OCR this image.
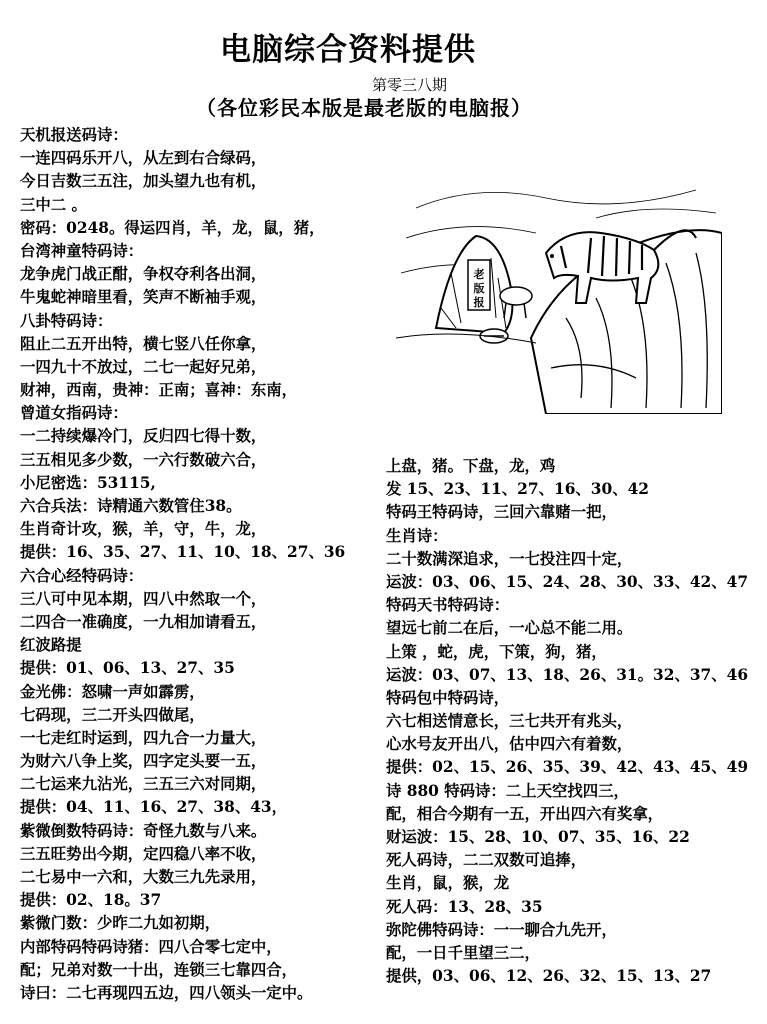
电脑综合资料提供
第零三八期
（各位彩民本版是最老版的电脑报）
老
版
报
天机报送码诗：
一连四码乐开八，从左到右合绿码，
今日吉数三五注，加头望九也有机，
三中二 。
密码：0248。得运四肖，羊，龙，鼠，猪，
台湾神童特码诗：
龙争虎门战正酣，争权夺利各出洞，
牛鬼蛇神暗里看，笑声不断袖手观，
八卦特码诗：
阻止二五开出特，横七竖八任你拿，
一四九十不放过，二七一起好兄弟，
财神，西南，贵神：正南；喜神：东南，
曾道女指码诗：
一二持续爆冷门，反归四七得十数，
三五相见多少数，一六行数破六合，
小尼密选：53115,
六合兵法：诗精通六数管住38。
生肖奇计攻，猴，羊，守，牛，龙，
提供：16、35、27、11、10、18、27、36
六合心经特码诗：
三八可中见本期，四八中然取一个，
二四合一准确度，一九相加请看五，
红波路提
提供：01、06、13、27、35
金光佛：怒啸一声如霹雳，
七码现，三二开头四做尾，
一七走红时运到，四九合一力量大，
为财六八争上奖，四字定头要一五，
二七运来九沾光，三五三六对同期，
提供：04、11、16、27、38、43，
紫微倒数特码诗：奇怪九数与八来。
三五旺势出今期，定四稳八率不收，
二七易中一六和，大数三九先录用，
提供：02、18。37
紫微门数：少昨二九如初期，
内部特码特码诗猪：四八合零七定中，
配；兄弟对数一十出，连锁三七靠四合，
诗曰：二七再现四五边，四八领头一定中。
上盘，猪。下盘，龙，鸡
发 15、23、11、27、16、30、42
特码王特码诗，三回六靠赌一把，
生肖诗：
二十数满深追求，一七投注四十定，
运波：03、06、15、24、28、30、33、42、47
特码天书特码诗：
望远七前二在后，一心总不能二用。
上策 ，蛇，虎，下策，狗，猪，
运波：03、07、13、18、26、31。32、37、46
特码包中特码诗，
六七相送情意长，三七共开有兆头，
心水号友开出八，估中四六有着数，
提供：02、15、26、35、39、42、43、45、49
诗 880 特码诗：二上天空找四三，
配，相合今期有一五，开出四六有奖拿，
财运波：15、28、10、07、35、16、22
死人码诗，二二双数可追捧，
生肖，鼠，猴，龙
死人码：13、28、35
弥陀佛特码诗：一一聊合九先开，
配，一日千里望三二，
提供，03、06、12、26、32、15、13、27
